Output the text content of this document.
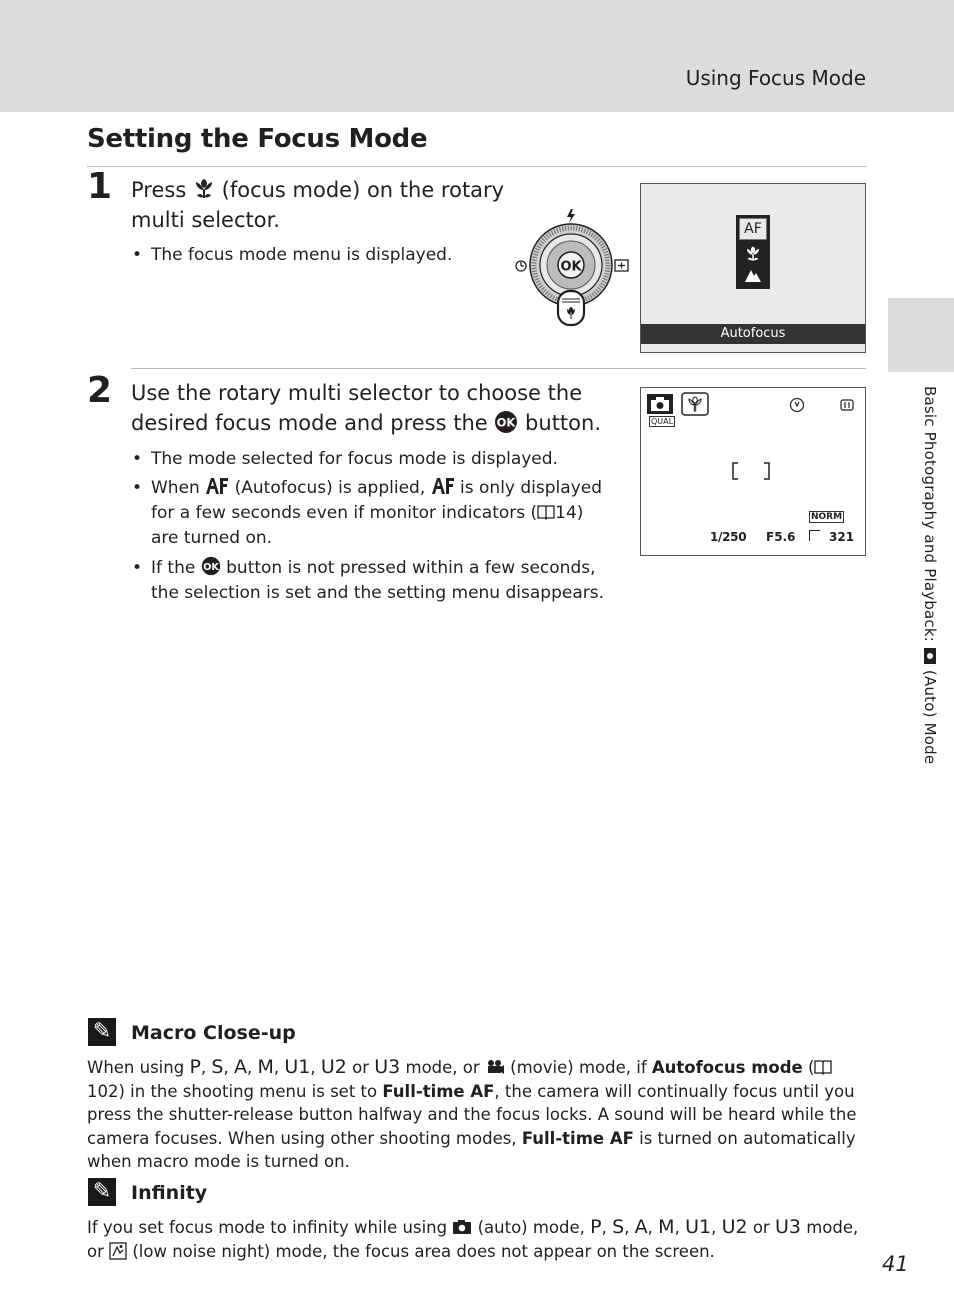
Using Focus Mode
Setting the Focus Mode
1 Press  (focus mode) on the rotary multi selector.
• The focus mode menu is displayed.
OK
AF
Autofocus
2 Use the rotary multi selector to choose the desired focus mode and press the OK button.
• The mode selected for focus mode is displayed.
• When  (Autofocus) is applied,  is only displayed for a few seconds even if monitor indicators ( 14) are turned on.
• If the OK button is not pressed within a few seconds, the selection is set and the setting menu disappears.
QUAL
NORM
1/250 F5.6	321	Basic Photography and Playback:  (Auto) Mode
✎ Macro Close-up
When using P, S, A, M, U1, U2 or U3 mode, or  (movie) mode, if Autofocus mode (102) in the shooting menu is set to Full-time AF, the camera will continually focus until you press the shutter-release button halfway and the focus locks. A sound will be heard while the camera focuses. When using other shooting modes, Full-time AF is turned on automatically when macro mode is turned on.
✎ Infinity
If you set focus mode to infinity while using  (auto) mode, P, S, A, M, U1, U2 or U3 mode, or  (low noise night) mode, the focus area does not appear on the screen.
41
